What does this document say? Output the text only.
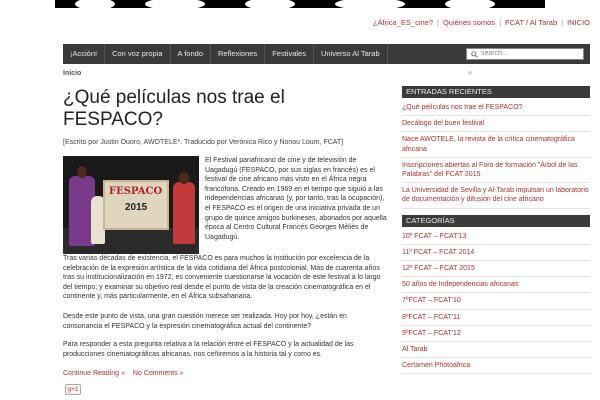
¿África_ES_cine? | Quiénes somos | FCAT / Al Tarab | INICIO
¡Acción!	Con voz propia	A fondo	Reflexiones	Festivales	Universo Al Tarab	search...
Inicio
¿Qué películas nos trae el FESPACO?
[Escrito por Justin Ouoro, AWOTELE*. Traducido por Verónica Rico y Nonou Loum, FCAT]
FESPACO
2015
El Festival panafricano de cine y de televisión de Uagadugú (FESPACO, por sus siglas en francés) es el festival de cine africano más visto en el África negra francófona. Creado en 1969 en el tiempo que siguió a las independencias africanas (y, por tanto, tras la ocupación), el FESPACO es el origen de una iniciativa privada de un grupo de quince amigos burkineses, abonados por aquella época al Centro Cultural Francés Georges Méliès de Uagadugú.
Tras varias décadas de existencia, el FESPACO es para muchos la institución por excelencia de la celebración de la expresión artística de la vida cotidiana del África postcolonial. Más de cuarenta años tras su institucionalización en 1972, es conveniente cuestionarse la vocación de este festival a lo largo del tiempo, y examinar su objetivo real desde el punto de vista de la creación cinematográfica en el continente y, más particularmente, en el África subsahariana.
Desde este punto de vista, una gran cuestión merece ser realizada. Hoy por hoy, ¿están en consonancia el FESPACO y la expresión cinematográfica actual del continente?
Para responder a esta pregunta relativa a la relación entre el FESPACO y la actualidad de las producciones cinematográficas africanas, nos ceñiremos a la historia tal y como es.
Continue Reading » No Comments »
g+1
ENTRADAS RECIENTES
¿Qué películas nos trae el FESPACO?
Decálogo del buen festival
Nace AWOTELE, la revista de la crítica cinematográfica africana
Inscripciones abiertas al Foro de formación "Árbol de las Palabras" del FCAT 2015
La Universidad de Sevilla y Al-Tarab impulsan un laboratorio de documentación y difusión del cine africano
CATEGORÍAS
10º FCAT – FCAT'13
11º FCAT – FCAT 2014
12º FCAT – FCAT 2015
50 años de Independencias africanas
7ºFCAT – FCAT'10
8ºFCAT – FCAT'11
9ºFCAT – FCAT'12
Al Tarab
Certamen Photoafrica
